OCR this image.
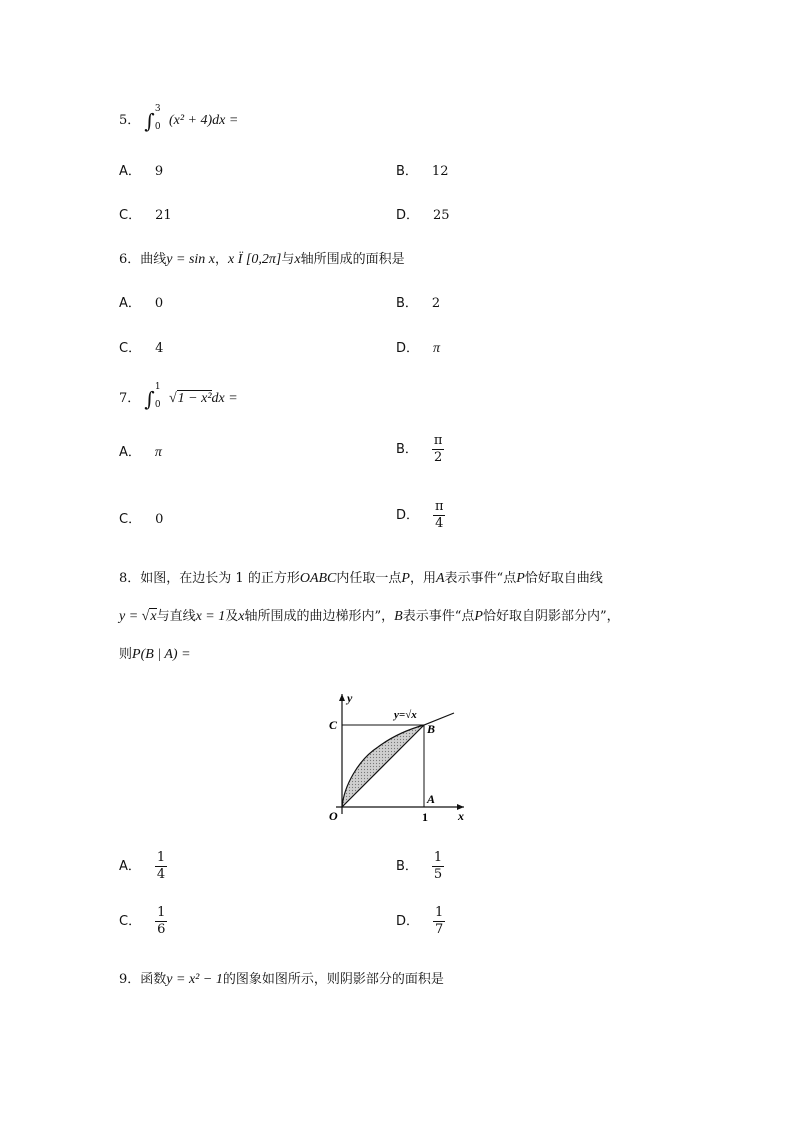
5． ∫ 3
0 (x² + 4)dx =
A． 9	B． 12
C． 21	D． 25
6．曲线y = sin x，x Ï [0,2π]与x轴所围成的面积是
A． 0	B． 2
C． 4	D． π
7． ∫ 1
0 √1 − x²dx =
A． π	B． $\frac{\pi}{2}$
C． 0	D． $\frac{\pi}{4}$
8．如图，在边长为 1 的正方形OABC内任取一点P，用A表示事件“点P恰好取自曲线
y = √x与直线x = 1及x轴所围成的曲边梯形内”，B表示事件“点P恰好取自阴影部分内”，
则P(B | A) =
y
x
O
A
B
C
1
y=√x
A． $\frac{1}{4}$	B． $\frac{1}{5}$
C． $\frac{1}{6}$	D． $\frac{1}{7}$
9．函数y = x² − 1的图象如图所示，则阴影部分的面积是
